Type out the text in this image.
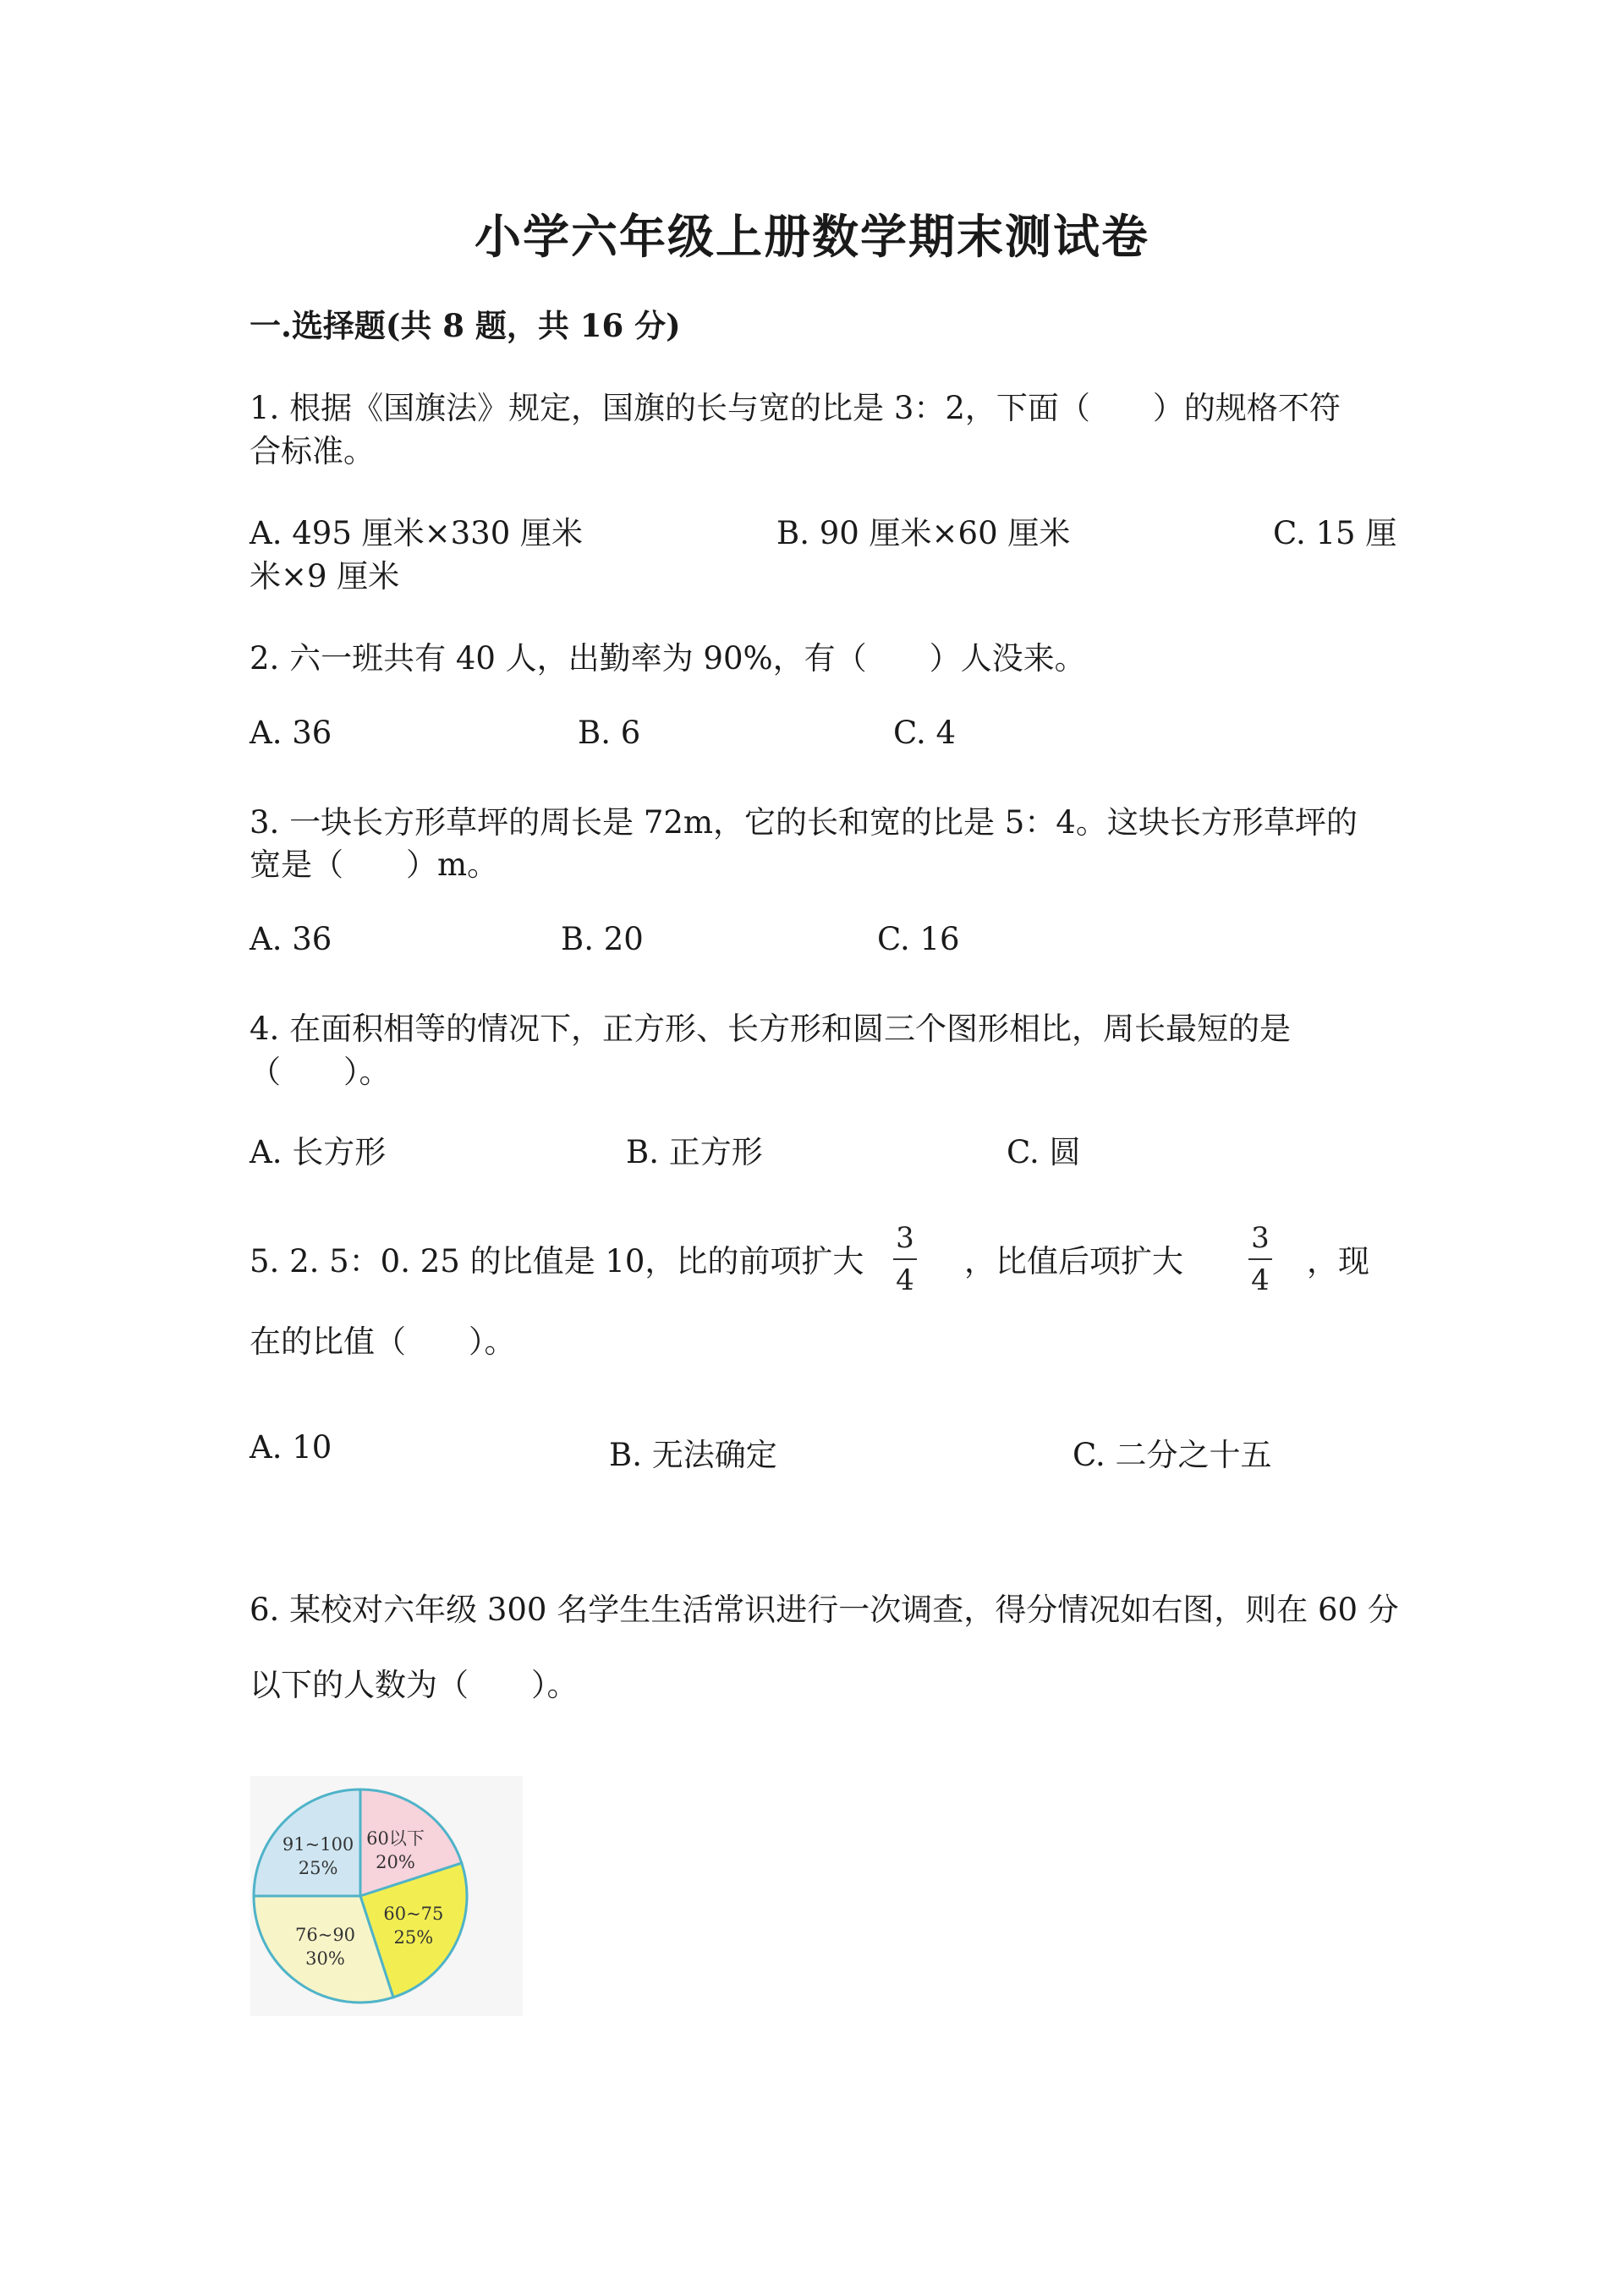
小学六年级上册数学期末测试卷
一.选择题(共 8 题，共 16 分)
1. 根据《国旗法》规定，国旗的长与宽的比是 3：2，下面（　　）的规格不符
合标准。
A. 495 厘米×330 厘米	B. 90 厘米×60 厘米	C. 15 厘
米×9 厘米
2. 六一班共有 40 人，出勤率为 90%，有（　　）人没来。
A. 36	B. 6	C. 4
3. 一块长方形草坪的周长是 72m，它的长和宽的比是 5：4。这块长方形草坪的
宽是（　　）m。
A. 36	B. 20	C. 16
4. 在面积相等的情况下，正方形、长方形和圆三个图形相比，周长最短的是
（　　）。
A. 长方形	B. 正方形	C. 圆
5. 2. 5：0. 25 的比值是 10，比的前项扩大
3
4
，比值后项扩大
3
4
，现
在的比值（　　）。
A. 10	B. 无法确定	C. 二分之十五
6. 某校对六年级 300 名学生生活常识进行一次调查，得分情况如右图，则在 60 分
以下的人数为（　　）。
60以下
20%
60~75
25%
76~90
30%
91~100
25%
